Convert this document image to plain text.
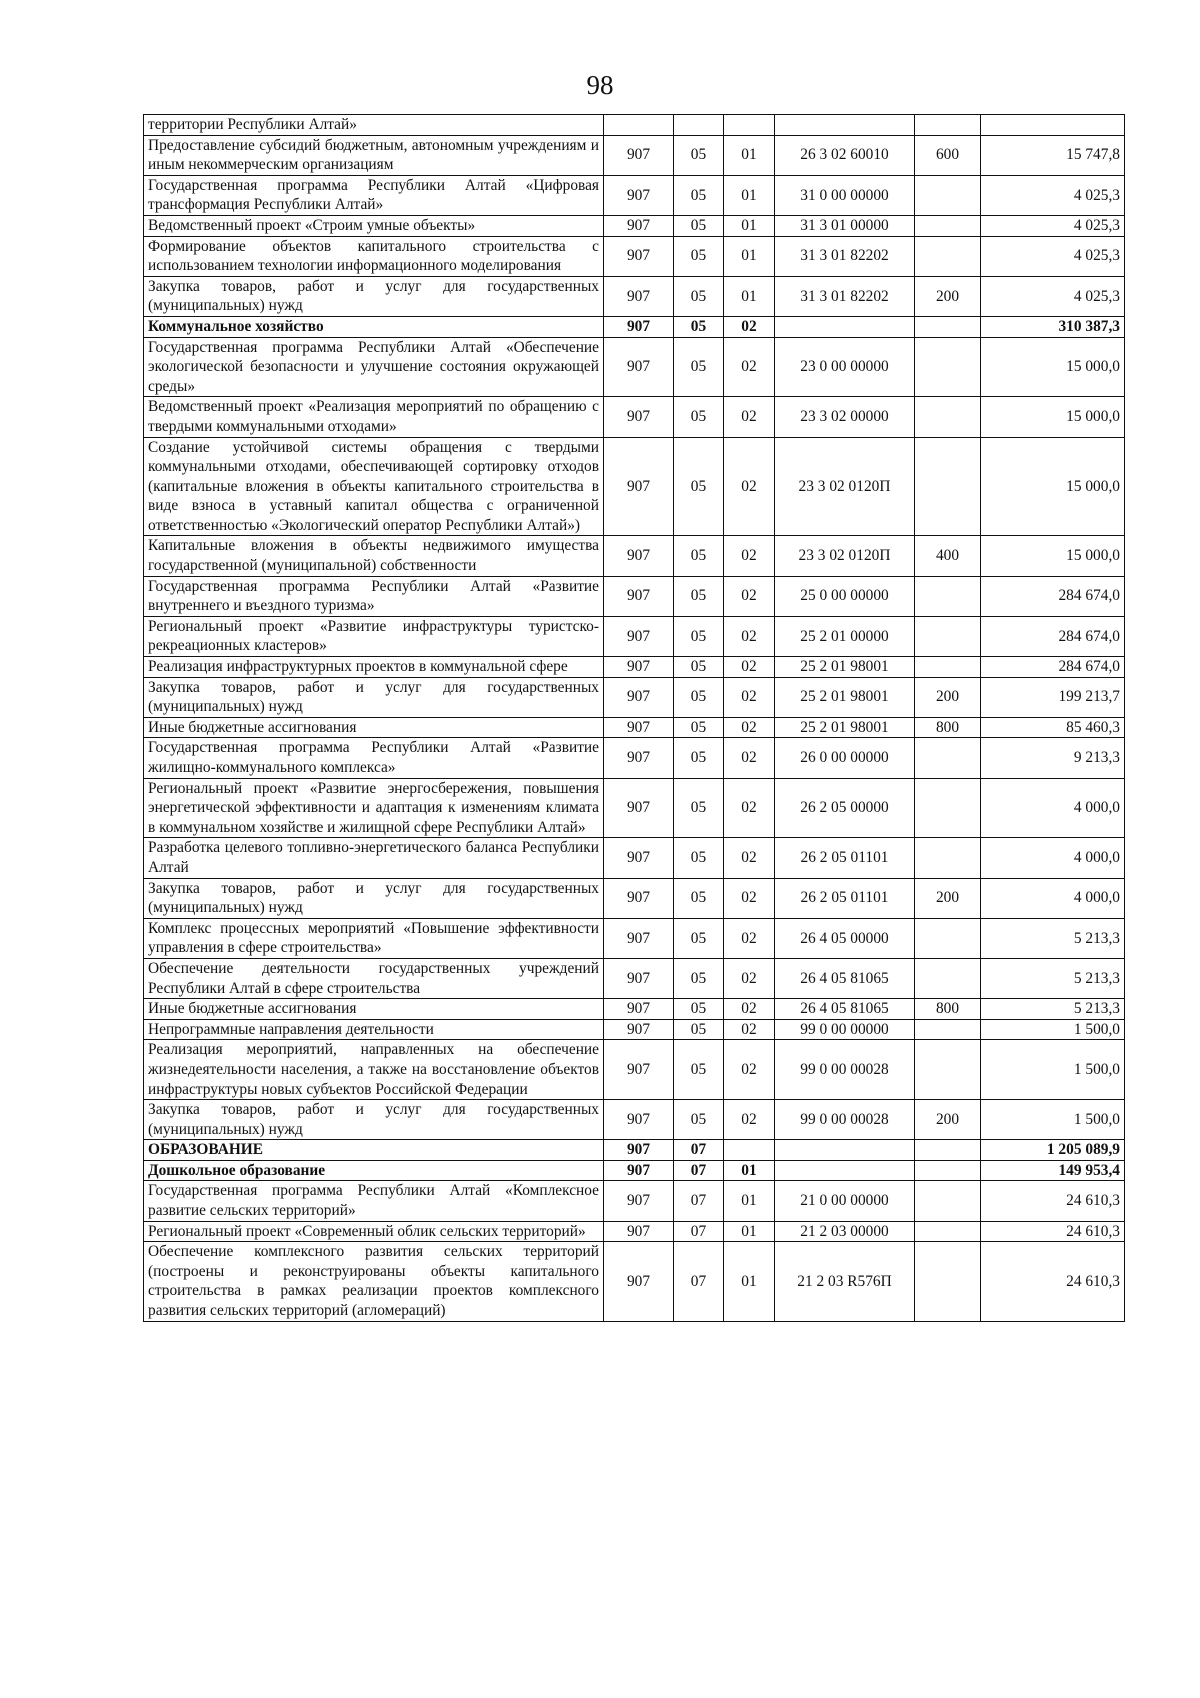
98
территории Республики Алтай»						
Предоставление субсидий бюджетным, автономным учреждениям и иным некоммерческим организациям	907	05	01	26 3 02 60010	600	15 747,8
Государственная программа Республики Алтай «Цифровая трансформация Республики Алтай»	907	05	01	31 0 00 00000		4 025,3
Ведомственный проект «Строим умные объекты»	907	05	01	31 3 01 00000		4 025,3
Формирование объектов капитального строительства с использованием технологии информационного моделирования	907	05	01	31 3 01 82202		4 025,3
Закупка товаров, работ и услуг для государственных (муниципальных) нужд	907	05	01	31 3 01 82202	200	4 025,3
Коммунальное хозяйство	907	05	02			310 387,3
Государственная программа Республики Алтай «Обеспечение экологической безопасности и улучшение состояния окружающей среды»	907	05	02	23 0 00 00000		15 000,0
Ведомственный проект «Реализация мероприятий по обращению с твердыми коммунальными отходами»	907	05	02	23 3 02 00000		15 000,0
Создание устойчивой системы обращения с твердыми коммунальными отходами, обеспечивающей сортировку отходов (капитальные вложения в объекты капитального строительства в виде взноса в уставный капитал общества с ограниченной ответственностью «Экологический оператор Республики Алтай»)	907	05	02	23 3 02 0120П		15 000,0
Капитальные вложения в объекты недвижимого имущества государственной (муниципальной) собственности	907	05	02	23 3 02 0120П	400	15 000,0
Государственная программа Республики Алтай «Развитие внутреннего и въездного туризма»	907	05	02	25 0 00 00000		284 674,0
Региональный проект «Развитие инфраструктуры туристско-рекреационных кластеров»	907	05	02	25 2 01 00000		284 674,0
Реализация инфраструктурных проектов в коммунальной сфере	907	05	02	25 2 01 98001		284 674,0
Закупка товаров, работ и услуг для государственных (муниципальных) нужд	907	05	02	25 2 01 98001	200	199 213,7
Иные бюджетные ассигнования	907	05	02	25 2 01 98001	800	85 460,3
Государственная программа Республики Алтай «Развитие жилищно-коммунального комплекса»	907	05	02	26 0 00 00000		9 213,3
Региональный проект «Развитие энергосбережения, повышения энергетической эффективности и адаптация к изменениям климата в коммунальном хозяйстве и жилищной сфере Республики Алтай»	907	05	02	26 2 05 00000		4 000,0
Разработка целевого топливно-энергетического баланса Республики Алтай	907	05	02	26 2 05 01101		4 000,0
Закупка товаров, работ и услуг для государственных (муниципальных) нужд	907	05	02	26 2 05 01101	200	4 000,0
Комплекс процессных мероприятий «Повышение эффективности управления в сфере строительства»	907	05	02	26 4 05 00000		5 213,3
Обеспечение деятельности государственных учреждений Республики Алтай в сфере строительства	907	05	02	26 4 05 81065		5 213,3
Иные бюджетные ассигнования	907	05	02	26 4 05 81065	800	5 213,3
Непрограммные направления деятельности	907	05	02	99 0 00 00000		1 500,0
Реализация мероприятий, направленных на обеспечение жизнедеятельности населения, а также на восстановление объектов инфраструктуры новых субъектов Российской Федерации	907	05	02	99 0 00 00028		1 500,0
Закупка товаров, работ и услуг для государственных (муниципальных) нужд	907	05	02	99 0 00 00028	200	1 500,0
ОБРАЗОВАНИЕ	907	07				1 205 089,9
Дошкольное образование	907	07	01			149 953,4
Государственная программа Республики Алтай «Комплексное развитие сельских территорий»	907	07	01	21 0 00 00000		24 610,3
Региональный проект «Современный облик сельских территорий»	907	07	01	21 2 03 00000		24 610,3
Обеспечение комплексного развития сельских территорий (построены и реконструированы объекты капитального строительства в рамках реализации проектов комплексного развития сельских территорий (агломераций)	907	07	01	21 2 03 R576П		24 610,3
